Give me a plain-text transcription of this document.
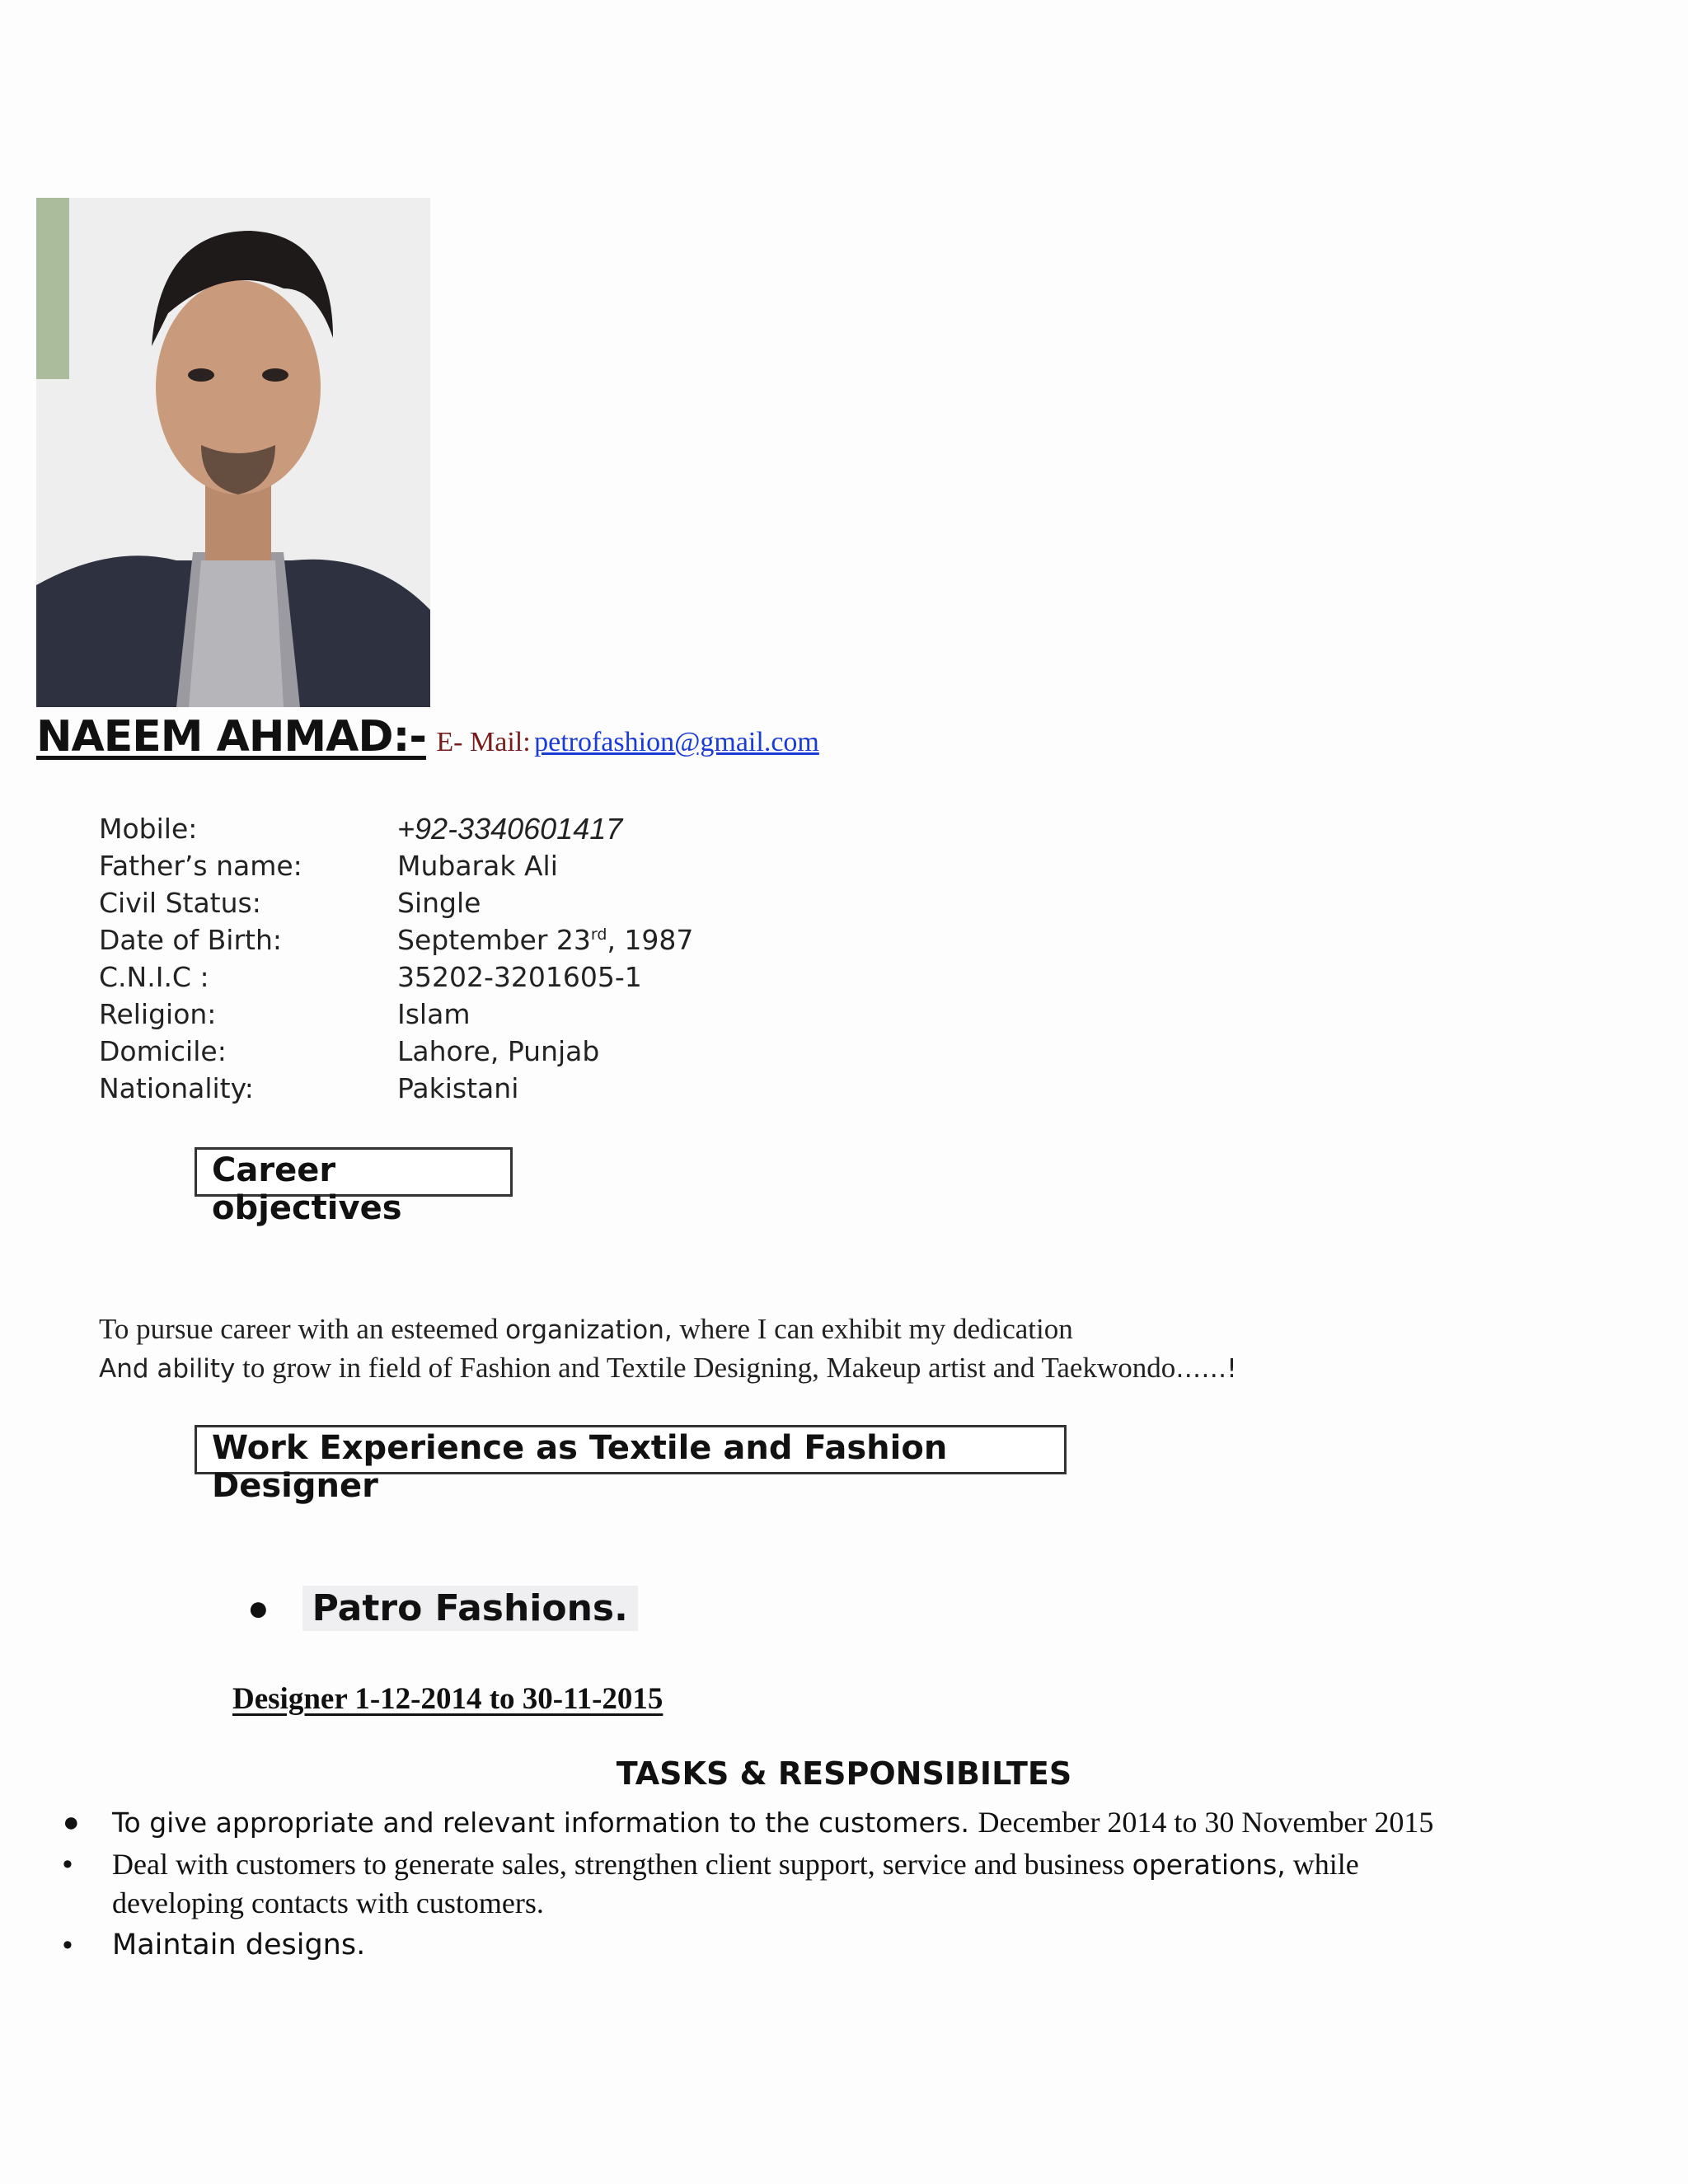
NAEEM AHMAD:- E- Mail: petrofashion@gmail.com
Mobile:	+92-3340601417
Father’s name:	Mubarak Ali
Civil Status:	Single
Date of Birth:	September 23rd, 1987
C.N.I.C :	35202-3201605-1
Religion:	Islam
Domicile:	Lahore, Punjab
Nationality:	Pakistani
Career objectives
To pursue career with an esteemed organization, where I can exhibit my dedication
And ability to grow in field of Fashion and Textile Designing, Makeup artist and Taekwondo……!
Work Experience as Textile and Fashion Designer
● Patro Fashions.
Designer 1-12-2014 to 30-11-2015
TASKS & RESPONSIBILTES
●	To give appropriate and relevant information to the customers. December 2014 to 30 November 2015
•	Deal with customers to generate sales, strengthen client support, service and business operations, while
developing contacts with customers.
•	Maintain designs.
